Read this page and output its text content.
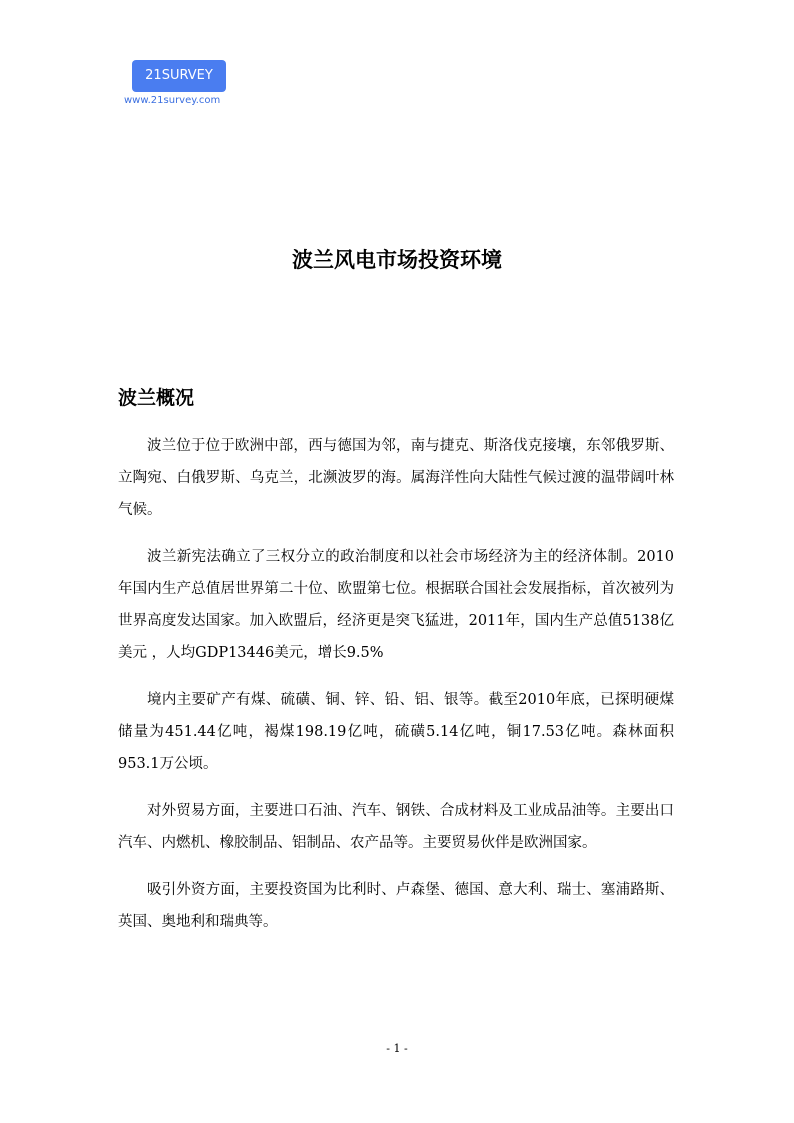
21SURVEY
www.21survey.com
波兰风电市场投资环境
波兰概况

波兰位于位于欧洲中部，西与德国为邻，南与捷克、斯洛伐克接壤，东邻俄罗斯、立陶宛、白俄罗斯、乌克兰，北濒波罗的海。属海洋性向大陆性气候过渡的温带阔叶林气候。

波兰新宪法确立了三权分立的政治制度和以社会市场经济为主的经济体制。2010年国内生产总值居世界第二十位、欧盟第七位。根据联合国社会发展指标，首次被列为世界高度发达国家。加入欧盟后，经济更是突飞猛进，2011年，国内生产总值5138亿美元 ，人均GDP13446美元，增长9.5%

境内主要矿产有煤、硫磺、铜、锌、铅、铝、银等。截至2010年底，已探明硬煤储量为451.44亿吨，褐煤198.19亿吨，硫磺5.14亿吨，铜17.53亿吨。森林面积953.1万公顷。

对外贸易方面，主要进口石油、汽车、钢铁、合成材料及工业成品油等。主要出口汽车、内燃机、橡胶制品、铝制品、农产品等。主要贸易伙伴是欧洲国家。

吸引外资方面，主要投资国为比利时、卢森堡、德国、意大利、瑞士、塞浦路斯、英国、奥地利和瑞典等。

- 1 -
